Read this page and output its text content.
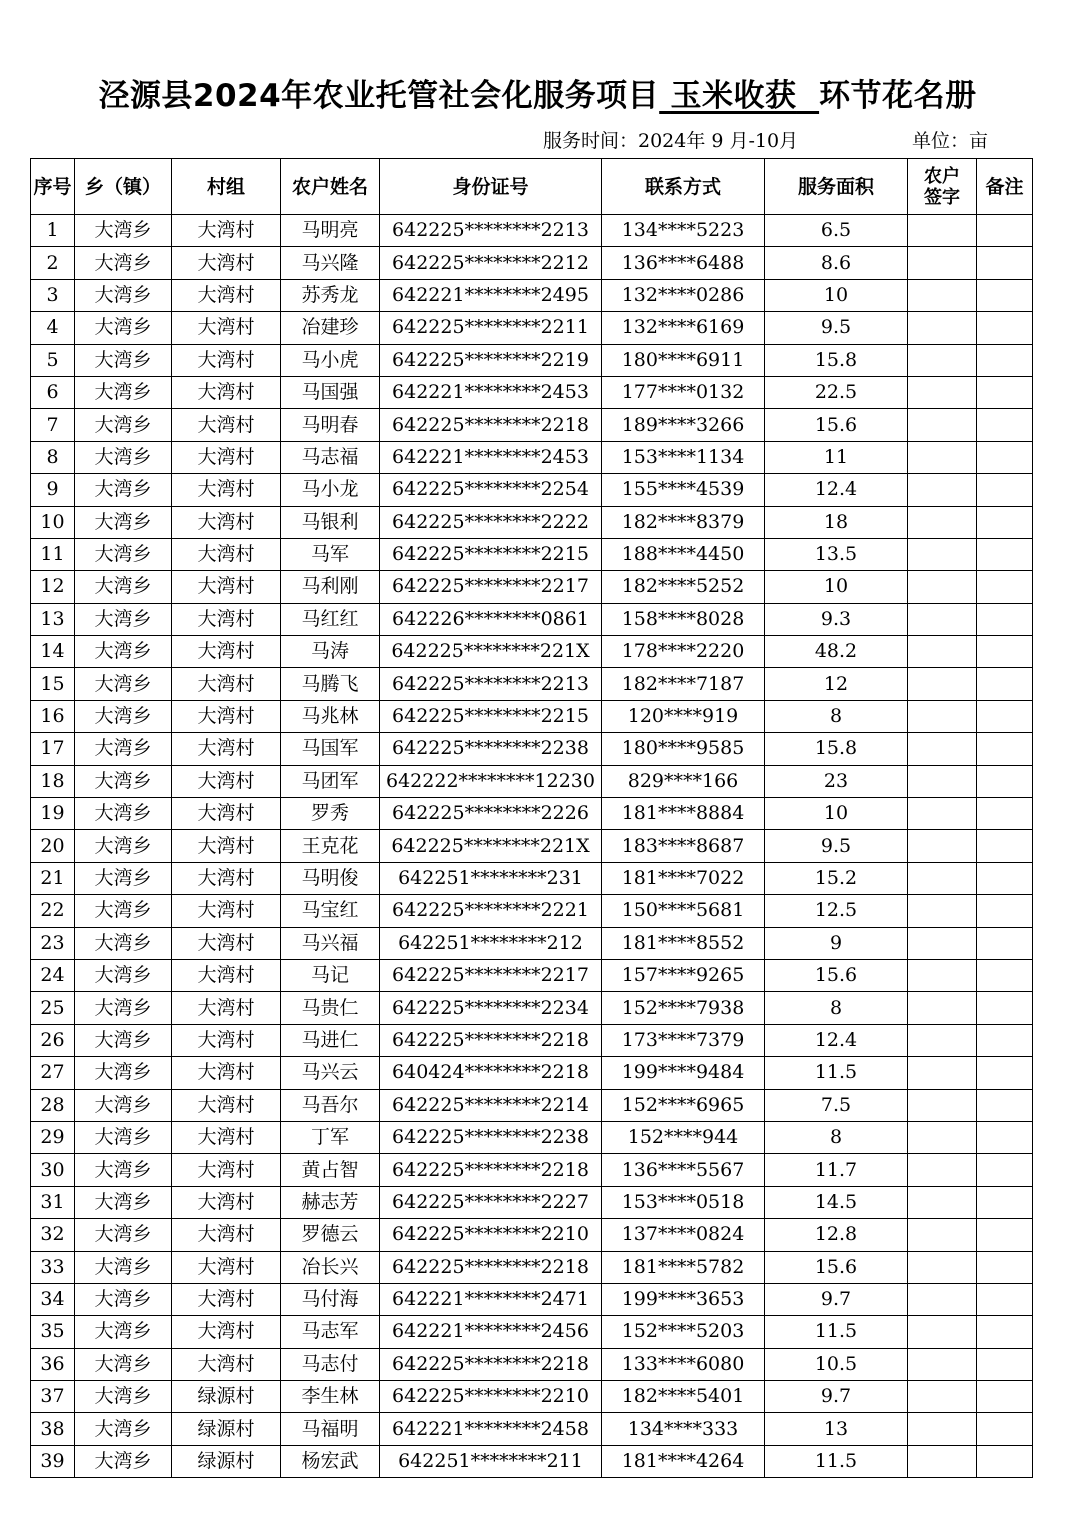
泾源县2024年农业托管社会化服务项目 玉米收获 环节花名册
服务时间：2024年 9 月-10月	单位：亩
序号	乡（镇）	村组	农户姓名	身份证号	联系方式	服务面积	农户签字	备注
1	大湾乡	大湾村	马明亮	642225********2213	134****5223	6.5		
2	大湾乡	大湾村	马兴隆	642225********2212	136****6488	8.6		
3	大湾乡	大湾村	苏秀龙	642221********2495	132****0286	10		
4	大湾乡	大湾村	冶建珍	642225********2211	132****6169	9.5		
5	大湾乡	大湾村	马小虎	642225********2219	180****6911	15.8		
6	大湾乡	大湾村	马国强	642221********2453	177****0132	22.5		
7	大湾乡	大湾村	马明春	642225********2218	189****3266	15.6		
8	大湾乡	大湾村	马志福	642221********2453	153****1134	11		
9	大湾乡	大湾村	马小龙	642225********2254	155****4539	12.4		
10	大湾乡	大湾村	马银利	642225********2222	182****8379	18		
11	大湾乡	大湾村	马军	642225********2215	188****4450	13.5		
12	大湾乡	大湾村	马利刚	642225********2217	182****5252	10		
13	大湾乡	大湾村	马红红	642226********0861	158****8028	9.3		
14	大湾乡	大湾村	马涛	642225********221X	178****2220	48.2		
15	大湾乡	大湾村	马腾飞	642225********2213	182****7187	12		
16	大湾乡	大湾村	马兆林	642225********2215	120****919	8		
17	大湾乡	大湾村	马国军	642225********2238	180****9585	15.8		
18	大湾乡	大湾村	马团军	642222********12230	829****166	23		
19	大湾乡	大湾村	罗秀	642225********2226	181****8884	10		
20	大湾乡	大湾村	王克花	642225********221X	183****8687	9.5		
21	大湾乡	大湾村	马明俊	642251********231	181****7022	15.2		
22	大湾乡	大湾村	马宝红	642225********2221	150****5681	12.5		
23	大湾乡	大湾村	马兴福	642251********212	181****8552	9		
24	大湾乡	大湾村	马记	642225********2217	157****9265	15.6		
25	大湾乡	大湾村	马贵仁	642225********2234	152****7938	8		
26	大湾乡	大湾村	马进仁	642225********2218	173****7379	12.4		
27	大湾乡	大湾村	马兴云	640424********2218	199****9484	11.5		
28	大湾乡	大湾村	马吾尔	642225********2214	152****6965	7.5		
29	大湾乡	大湾村	丁军	642225********2238	152****944	8		
30	大湾乡	大湾村	黄占智	642225********2218	136****5567	11.7		
31	大湾乡	大湾村	赫志芳	642225********2227	153****0518	14.5		
32	大湾乡	大湾村	罗德云	642225********2210	137****0824	12.8		
33	大湾乡	大湾村	冶长兴	642225********2218	181****5782	15.6		
34	大湾乡	大湾村	马付海	642221********2471	199****3653	9.7		
35	大湾乡	大湾村	马志军	642221********2456	152****5203	11.5		
36	大湾乡	大湾村	马志付	642225********2218	133****6080	10.5		
37	大湾乡	绿源村	李生林	642225********2210	182****5401	9.7		
38	大湾乡	绿源村	马福明	642221********2458	134****333	13		
39	大湾乡	绿源村	杨宏武	642251********211	181****4264	11.5		
